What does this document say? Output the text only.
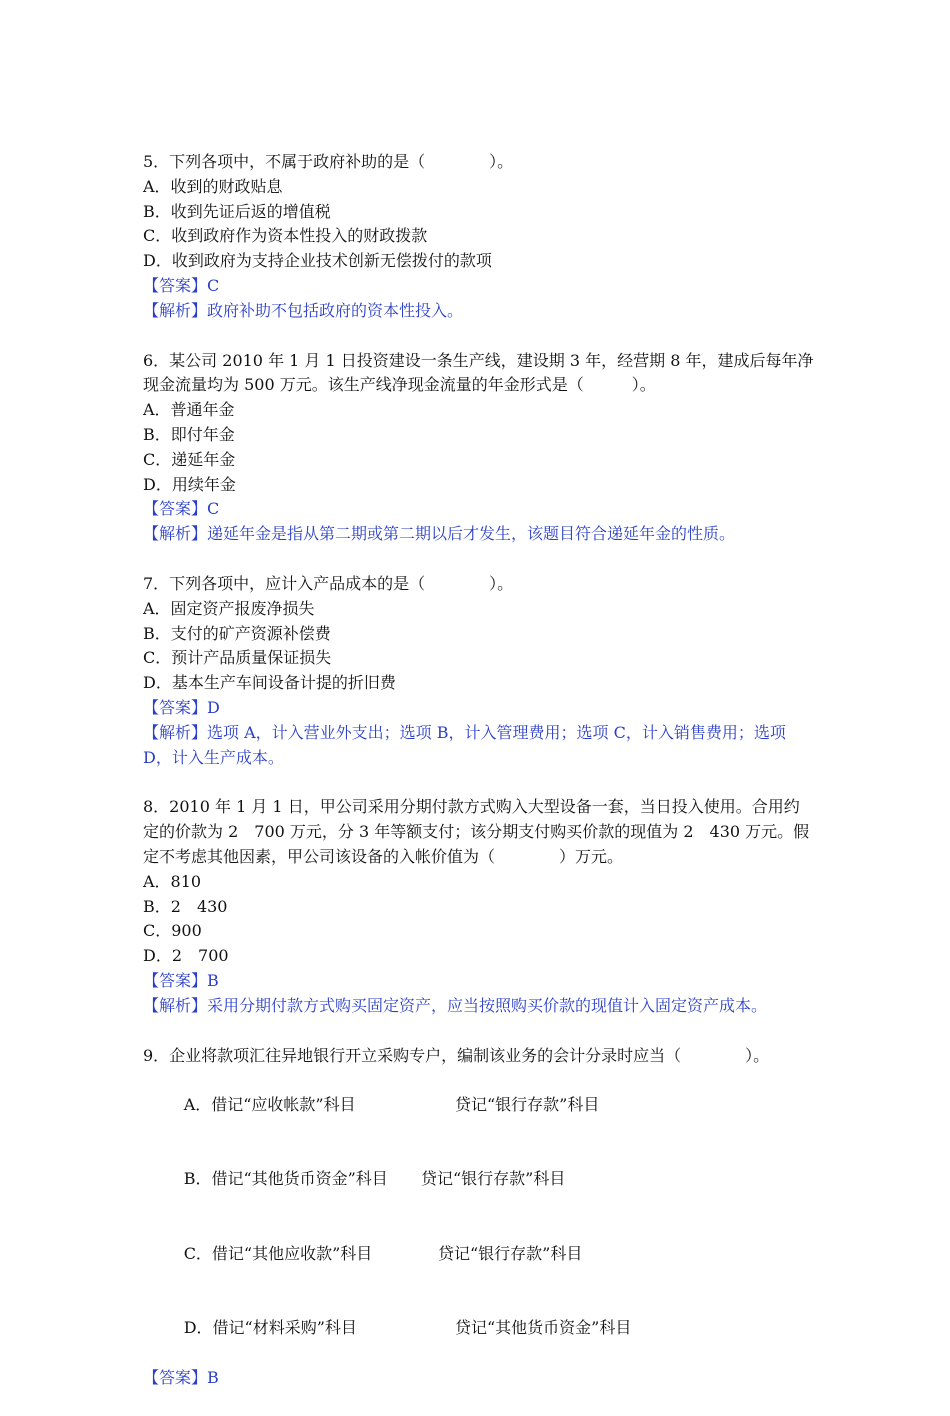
5．下列各项中，不属于政府补助的是（　　　　）。
A．收到的财政贴息
B．收到先证后返的增值税
C．收到政府作为资本性投入的财政拨款
D．收到政府为支持企业技术创新无偿拨付的款项
【答案】C
【解析】政府补助不包括政府的资本性投入。
6．某公司 2010 年 1 月 1 日投资建设一条生产线，建设期 3 年，经营期 8 年，建成后每年净
现金流量均为 500 万元。该生产线净现金流量的年金形式是（　　　）。
A．普通年金
B．即付年金
C．递延年金
D．用续年金
【答案】C
【解析】递延年金是指从第二期或第二期以后才发生，该题目符合递延年金的性质。
7．下列各项中，应计入产品成本的是（　　　　）。
A．固定资产报废净损失
B．支付的矿产资源补偿费
C．预计产品质量保证损失
D．基本生产车间设备计提的折旧费
【答案】D
【解析】选项 A，计入营业外支出；选项 B，计入管理费用；选项 C，计入销售费用；选项
D，计入生产成本。
8．2010 年 1 月 1 日，甲公司采用分期付款方式购入大型设备一套，当日投入使用。合用约
定的价款为 2　700 万元，分 3 年等额支付；该分期支付购买价款的现值为 2　430 万元。假
定不考虑其他因素，甲公司该设备的入帐价值为（　　　　）万元。
A．810
B．2　430
C．900
D．2　700
【答案】B
【解析】采用分期付款方式购买固定资产，应当按照购买价款的现值计入固定资产成本。
9．企业将款项汇往异地银行开立采购专户，编制该业务的会计分录时应当（　　　　）。

A．借记“应收帐款”科目	贷记“银行存款”科目

B．借记“其他货币资金”科目 贷记“银行存款”科目

C．借记“其他应收款”科目	贷记“银行存款”科目

D．借记“材料采购”科目	贷记“其他货币资金”科目

【答案】B
